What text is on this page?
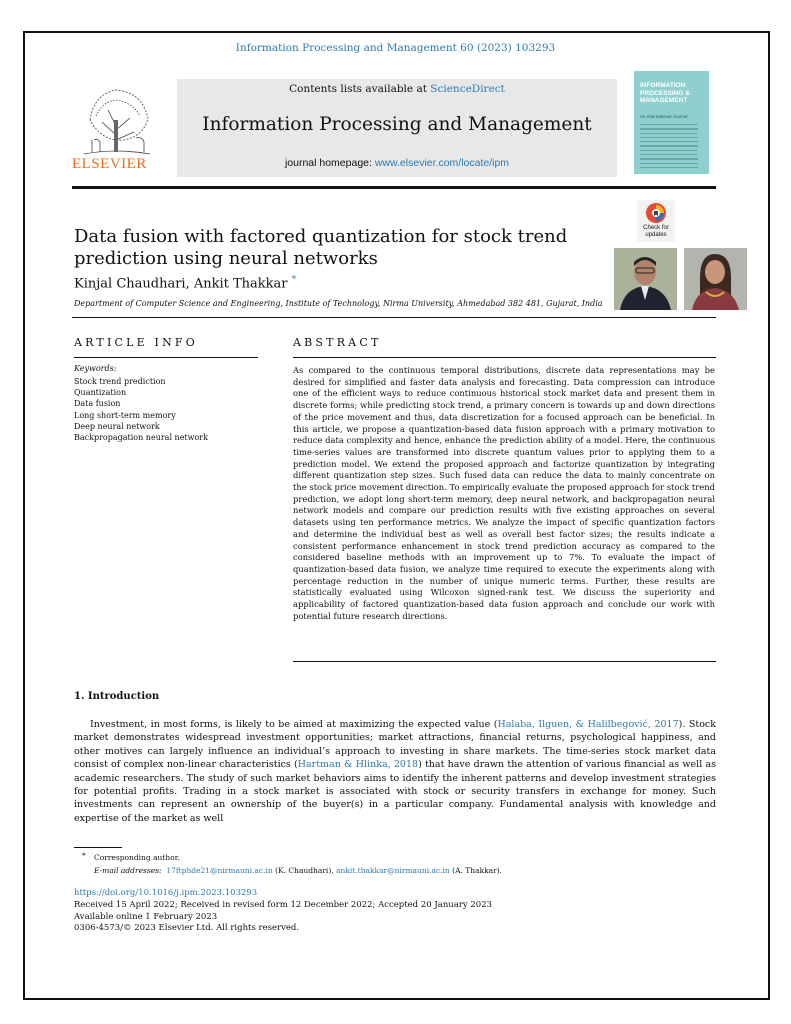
Information Processing and Management 60 (2023) 103293
ELSEVIER
Contents lists available at ScienceDirect
Information Processing and Management
journal homepage: www.elsevier.com/locate/ipm
INFORMATION PROCESSING & MANAGEMENT
An International Journal
Check for updates
Data fusion with factored quantization for stock trend prediction using neural networks
Kinjal Chaudhari, Ankit Thakkar *
Department of Computer Science and Engineering, Institute of Technology, Nirma University, Ahmedabad 382 481, Gujarat, India
ARTICLE INFO
Keywords:
Stock trend prediction
Quantization
Data fusion
Long short-term memory
Deep neural network
Backpropagation neural network
ABSTRACT
As compared to the continuous temporal distributions, discrete data representations may be desired for simplified and faster data analysis and forecasting. Data compression can introduce one of the efficient ways to reduce continuous historical stock market data and present them in discrete forms; while predicting stock trend, a primary concern is towards up and down directions of the price movement and thus, data discretization for a focused approach can be beneficial. In this article, we propose a quantization-based data fusion approach with a primary motivation to reduce data complexity and hence, enhance the prediction ability of a model. Here, the continuous time-series values are transformed into discrete quantum values prior to applying them to a prediction model. We extend the proposed approach and factorize quantization by integrating different quantization step sizes. Such fused data can reduce the data to mainly concentrate on the stock price movement direction. To empirically evaluate the proposed approach for stock trend prediction, we adopt long short-term memory, deep neural network, and backpropagation neural network models and compare our prediction results with five existing approaches on several datasets using ten performance metrics. We analyze the impact of specific quantization factors and determine the individual best as well as overall best factor sizes; the results indicate a consistent performance enhancement in stock trend prediction accuracy as compared to the considered baseline methods with an improvement up to 7%. To evaluate the impact of quantization-based data fusion, we analyze time required to execute the experiments along with percentage reduction in the number of unique numeric terms. Further, these results are statistically evaluated using Wilcoxon signed-rank test. We discuss the superiority and applicability of factored quantization-based data fusion approach and conclude our work with potential future research directions.
1. Introduction
Investment, in most forms, is likely to be aimed at maximizing the expected value (Halaba, Ilguen, & Halilbegović, 2017). Stock market demonstrates widespread investment opportunities; market attractions, financial returns, psychological happiness, and other motives can largely influence an individual’s approach to investing in share markets. The time-series stock market data consist of complex non-linear characteristics (Hartman & Hlinka, 2018) that have drawn the attention of various financial as well as academic researchers. The study of such market behaviors aims to identify the inherent patterns and develop investment strategies for potential profits. Trading in a stock market is associated with stock or security transfers in exchange for money. Such investments can represent an ownership of the buyer(s) in a particular company. Fundamental analysis with knowledge and expertise of the market as well
* Corresponding author.
E-mail addresses: 17ftphde21@nirmauni.ac.in (K. Chaudhari), ankit.thakkar@nirmauni.ac.in (A. Thakkar).
https://doi.org/10.1016/j.ipm.2023.103293
Received 15 April 2022; Received in revised form 12 December 2022; Accepted 20 January 2023
Available online 1 February 2023
0306-4573/© 2023 Elsevier Ltd. All rights reserved.
